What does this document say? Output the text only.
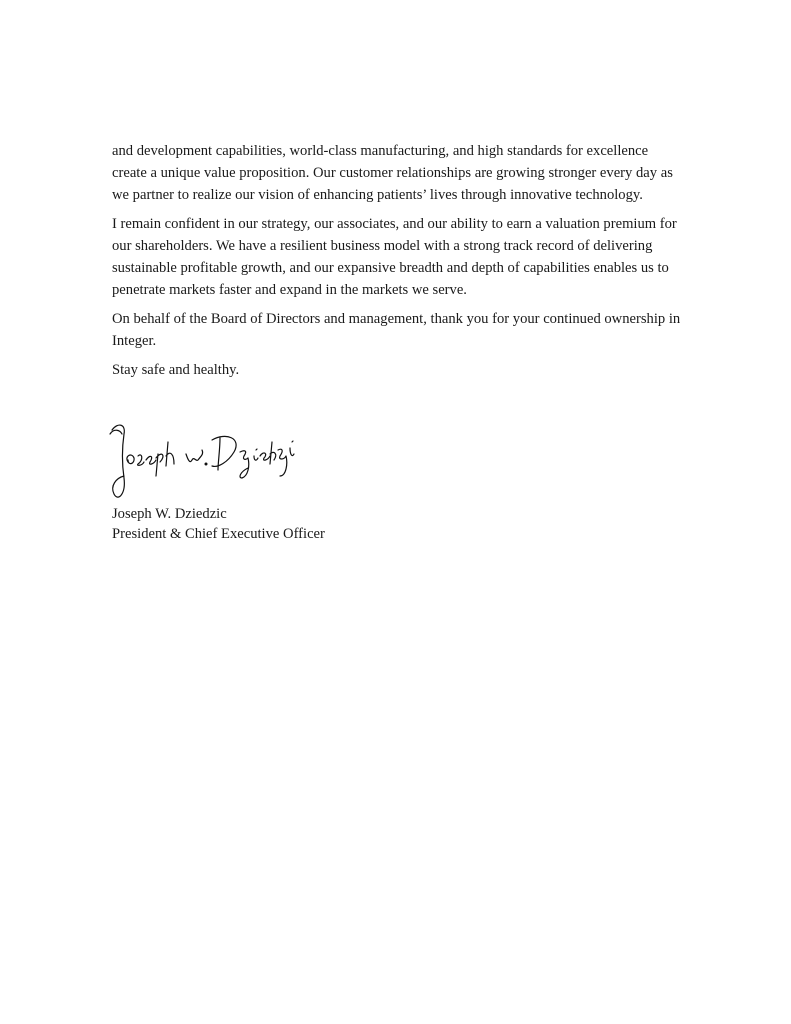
and development capabilities, world-class manufacturing, and high standards for excellence create a unique value proposition. Our customer relationships are growing stronger every day as we partner to realize our vision of enhancing patients’ lives through innovative technology.

I remain confident in our strategy, our associates, and our ability to earn a valuation premium for our shareholders. We have a resilient business model with a strong track record of delivering sustainable profitable growth, and our expansive breadth and depth of capabilities enables us to penetrate markets faster and expand in the markets we serve.

On behalf of the Board of Directors and management, thank you for your continued ownership in Integer.

Stay safe and healthy.

Joseph W. Dziedzic
President & Chief Executive Officer
